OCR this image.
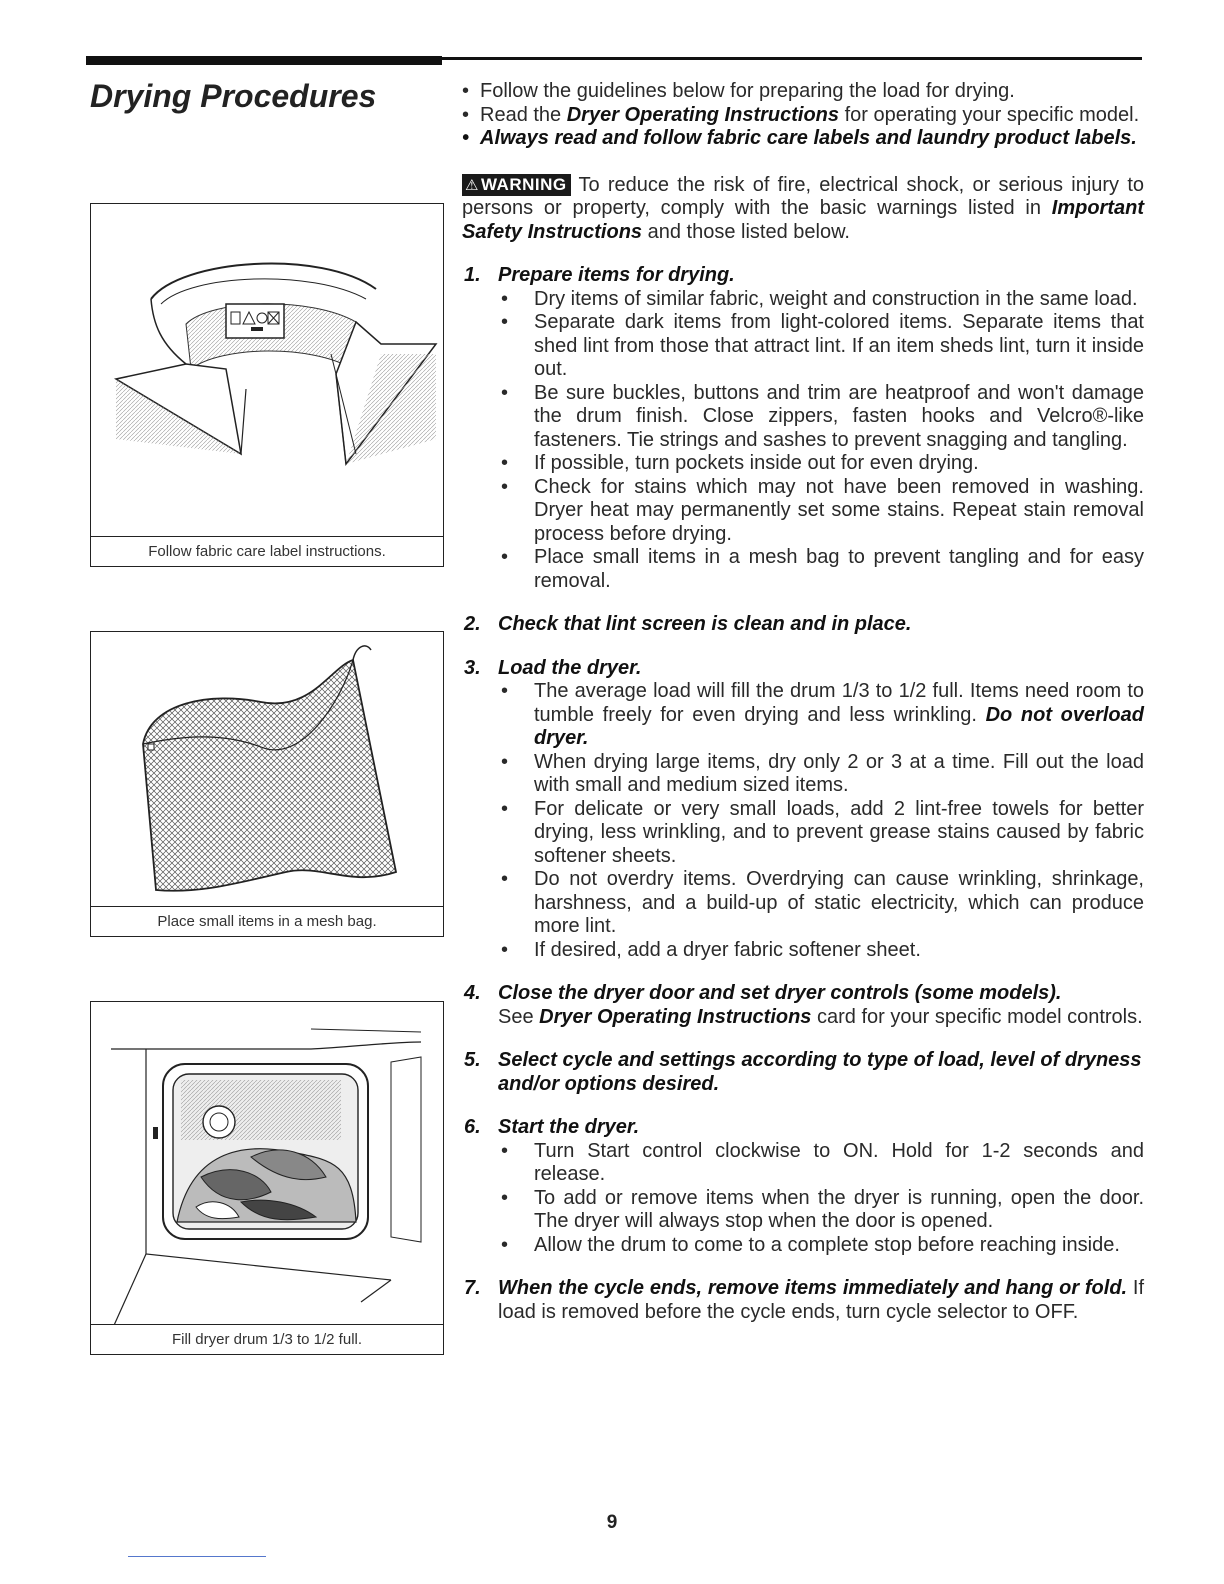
Drying Procedures
Follow fabric care label instructions.
Place small items in a mesh bag.
Fill dryer drum 1/3 to 1/2 full.

• Follow the guidelines below for preparing the load for drying.

• Read the Dryer Operating Instructions for operating your specific model.

• Always read and follow fabric care labels and laundry product labels.

⚠ WARNING To reduce the risk of fire, electrical shock, or serious injury to persons or property, comply with the basic warnings listed in Important Safety Instructions and those listed below.

1. Prepare items for drying.
• Dry items of similar fabric, weight and construction in the same load.
• Separate dark items from light-colored items. Separate items that shed lint from those that attract lint. If an item sheds lint, turn it inside out.
• Be sure buckles, buttons and trim are heatproof and won't damage the drum finish. Close zippers, fasten hooks and Velcro®-like fasteners. Tie strings and sashes to prevent snagging and tangling.
• If possible, turn pockets inside out for even drying.
• Check for stains which may not have been removed in washing. Dryer heat may permanently set some stains. Repeat stain removal process before drying.
• Place small items in a mesh bag to prevent tangling and for easy removal.
2. Check that lint screen is clean and in place.
3. Load the dryer.
• The average load will fill the drum 1/3 to 1/2 full. Items need room to tumble freely for even drying and less wrinkling. Do not overload dryer.
• When drying large items, dry only 2 or 3 at a time. Fill out the load with small and medium sized items.
• For delicate or very small loads, add 2 lint-free towels for better drying, less wrinkling, and to prevent grease stains caused by fabric softener sheets.
• Do not overdry items. Overdrying can cause wrinkling, shrinkage, harshness, and a build-up of static electricity, which can produce more lint.
• If desired, add a dryer fabric softener sheet.
4. Close the dryer door and set dryer controls (some models).

See Dryer Operating Instructions card for your specific model controls.

5. Select cycle and settings according to type of load, level of dryness and/or options desired.
6. Start the dryer.
• Turn Start control clockwise to ON. Hold for 1-2 seconds and release.
• To add or remove items when the dryer is running, open the door. The dryer will always stop when the door is opened.
• Allow the drum to come to a complete stop before reaching inside.
7. When the cycle ends, remove items immediately and hang or fold. If load is removed before the cycle ends, turn cycle selector to OFF.
9
